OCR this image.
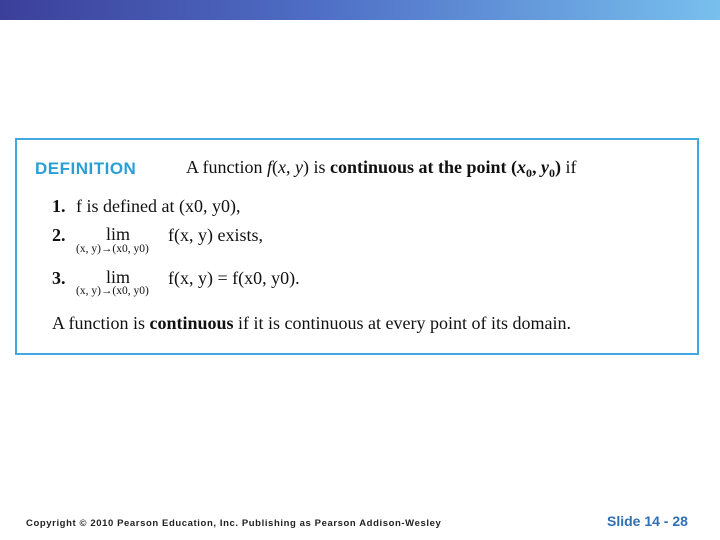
DEFINITION	A function f(x, y) is continuous at the point ($x_0$, $y_0$) if
1. f is defined at (x0, y0),
2. lim
(x, y)→(x0, y0)
f(x, y) exists,
3. lim
(x, y)→(x0, y0)
f(x, y) = f(x0, y0).
A function is continuous if it is continuous at every point of its domain.
Copyright © 2010 Pearson Education, Inc. Publishing as Pearson Addison-Wesley	Slide 14 - 28
